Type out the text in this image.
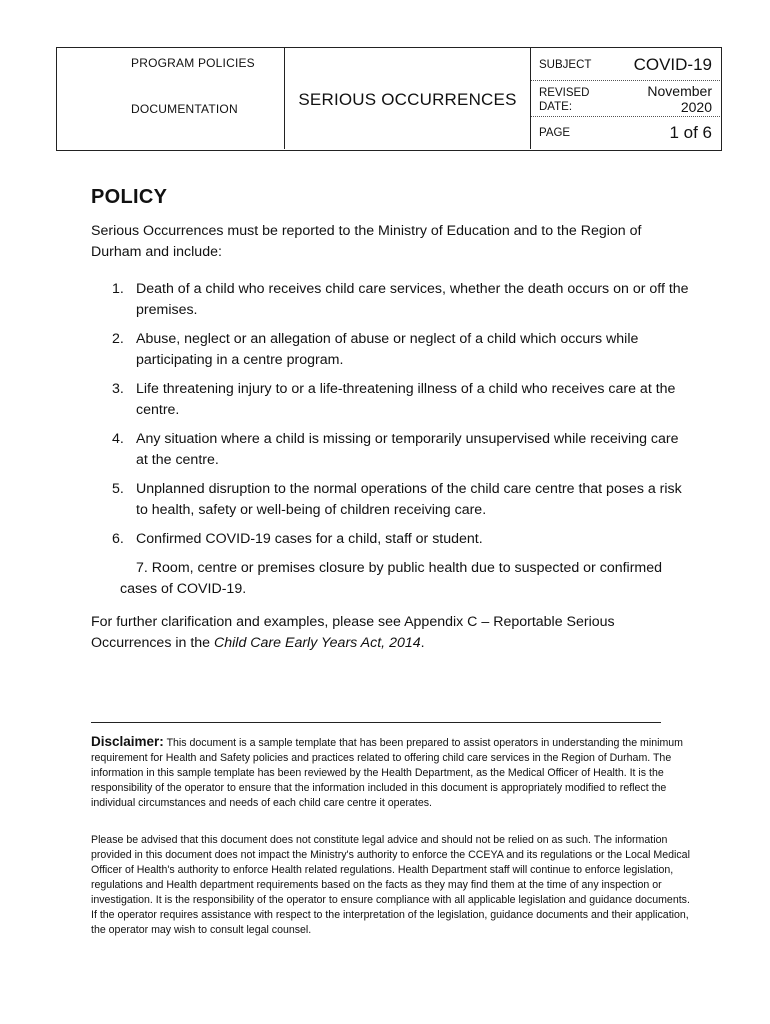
PROGRAM POLICIES
DOCUMENTATION	SERIOUS OCCURRENCES
SUBJECT COVID-19
REVISED
DATE:
November
2020
PAGE	1 of 6
POLICY
Serious Occurrences must be reported to the Ministry of Education and to the Region of Durham and include:
1. Death of a child who receives child care services, whether the death occurs on or off the premises.
2. Abuse, neglect or an allegation of abuse or neglect of a child which occurs while participating in a centre program.
3. Life threatening injury to or a life-threatening illness of a child who receives care at the centre.
4. Any situation where a child is missing or temporarily unsupervised while receiving care at the centre.
5. Unplanned disruption to the normal operations of the child care centre that poses a risk to health, safety or well-being of children receiving care.
6. Confirmed COVID-19 cases for a child, staff or student.
7. Room, centre or premises closure by public health due to suspected or confirmed cases of COVID-19.
For further clarification and examples, please see Appendix C – Reportable Serious Occurrences in the Child Care Early Years Act, 2014.
Disclaimer: This document is a sample template that has been prepared to assist operators in understanding the minimum requirement for Health and Safety policies and practices related to offering child care services in the Region of Durham. The information in this sample template has been reviewed by the Health Department, as the Medical Officer of Health. It is the responsibility of the operator to ensure that the information included in this document is appropriately modified to reflect the individual circumstances and needs of each child care centre it operates.
Please be advised that this document does not constitute legal advice and should not be relied on as such. The information provided in this document does not impact the Ministry's authority to enforce the CCEYA and its regulations or the Local Medical Officer of Health's authority to enforce Health related regulations. Health Department staff will continue to enforce legislation, regulations and Health department requirements based on the facts as they may find them at the time of any inspection or investigation. It is the responsibility of the operator to ensure compliance with all applicable legislation and guidance documents. If the operator requires assistance with respect to the interpretation of the legislation, guidance documents and their application, the operator may wish to consult legal counsel.
